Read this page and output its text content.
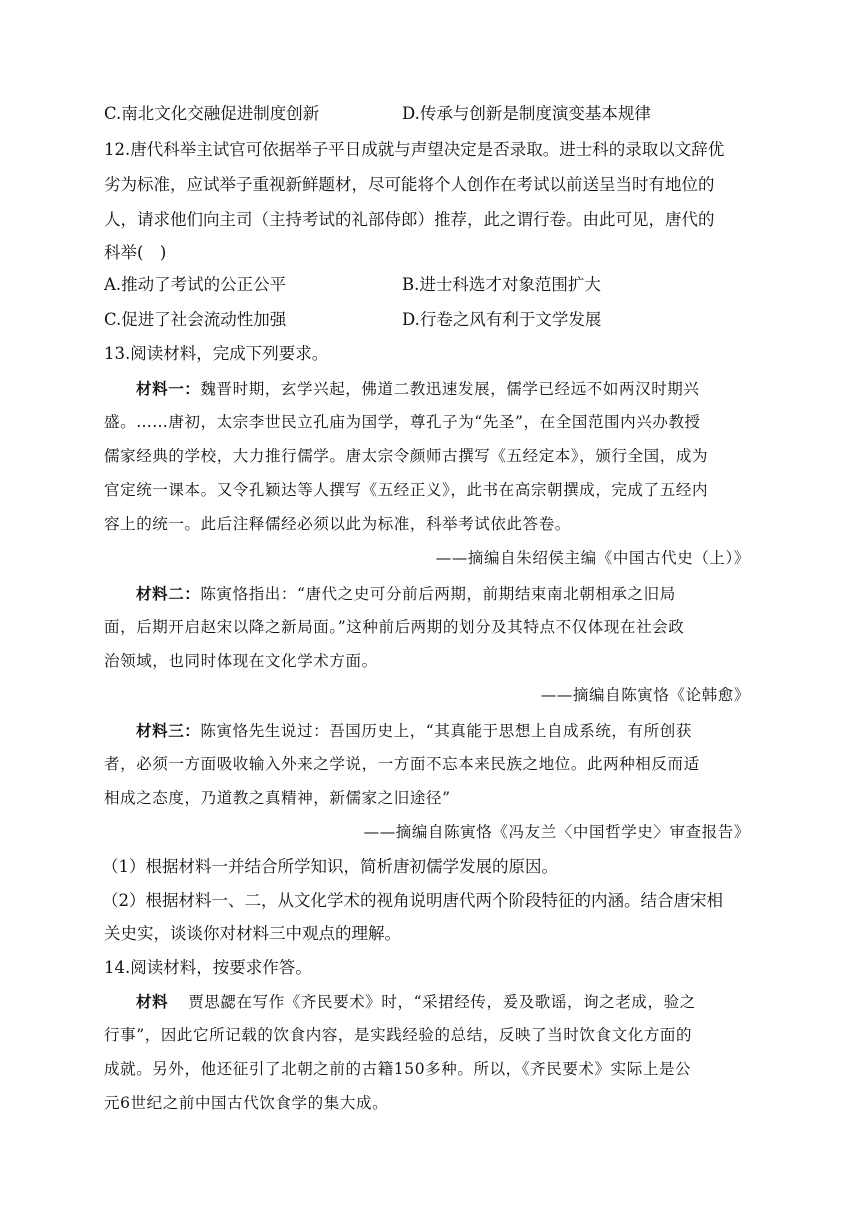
C.南北文化交融促进制度创新	D.传承与创新是制度演变基本规律
12.唐代科举主试官可依据举子平日成就与声望决定是否录取。进士科的录取以文辞优
劣为标准，应试举子重视新鲜题材，尽可能将个人创作在考试以前送呈当时有地位的
人，请求他们向主司（主持考试的礼部侍郎）推荐，此之谓行卷。由此可见，唐代的
科举(　)
A.推动了考试的公正公平	B.进士科选才对象范围扩大
C.促进了社会流动性加强	D.行卷之风有利于文学发展
13.阅读材料，完成下列要求。
材料一：魏晋时期，玄学兴起，佛道二教迅速发展，儒学已经远不如两汉时期兴
盛。……唐初，太宗李世民立孔庙为国学，尊孔子为“先圣”，在全国范围内兴办教授
儒家经典的学校，大力推行儒学。唐太宗令颜师古撰写《五经定本》，颁行全国，成为
官定统一课本。又令孔颖达等人撰写《五经正义》，此书在高宗朝撰成，完成了五经内
容上的统一。此后注释儒经必须以此为标准，科举考试依此答卷。
——摘编自朱绍侯主编《中国古代史（上）》
材料二：陈寅恪指出：“唐代之史可分前后两期，前期结束南北朝相承之旧局
面，后期开启赵宋以降之新局面。”这种前后两期的划分及其特点不仅体现在社会政
治领域，也同时体现在文化学术方面。
——摘编自陈寅恪《论韩愈》
材料三：陈寅恪先生说过：吾国历史上，“其真能于思想上自成系统，有所创获
者，必须一方面吸收输入外来之学说，一方面不忘本来民族之地位。此两种相反而适
相成之态度，乃道教之真精神，新儒家之旧途径”
——摘编自陈寅恪《冯友兰〈中国哲学史〉审查报告》
（1）根据材料一并结合所学知识，简析唐初儒学发展的原因。
（2）根据材料一、二，从文化学术的视角说明唐代两个阶段特征的内涵。结合唐宋相
关史实，谈谈你对材料三中观点的理解。
14.阅读材料，按要求作答。
材料 贾思勰在写作《齐民要术》时，“采捃经传，爰及歌谣，询之老成，验之
行事”，因此它所记载的饮食内容，是实践经验的总结，反映了当时饮食文化方面的
成就。另外，他还征引了北朝之前的古籍150多种。所以，《齐民要术》实际上是公
元6世纪之前中国古代饮食学的集大成。
